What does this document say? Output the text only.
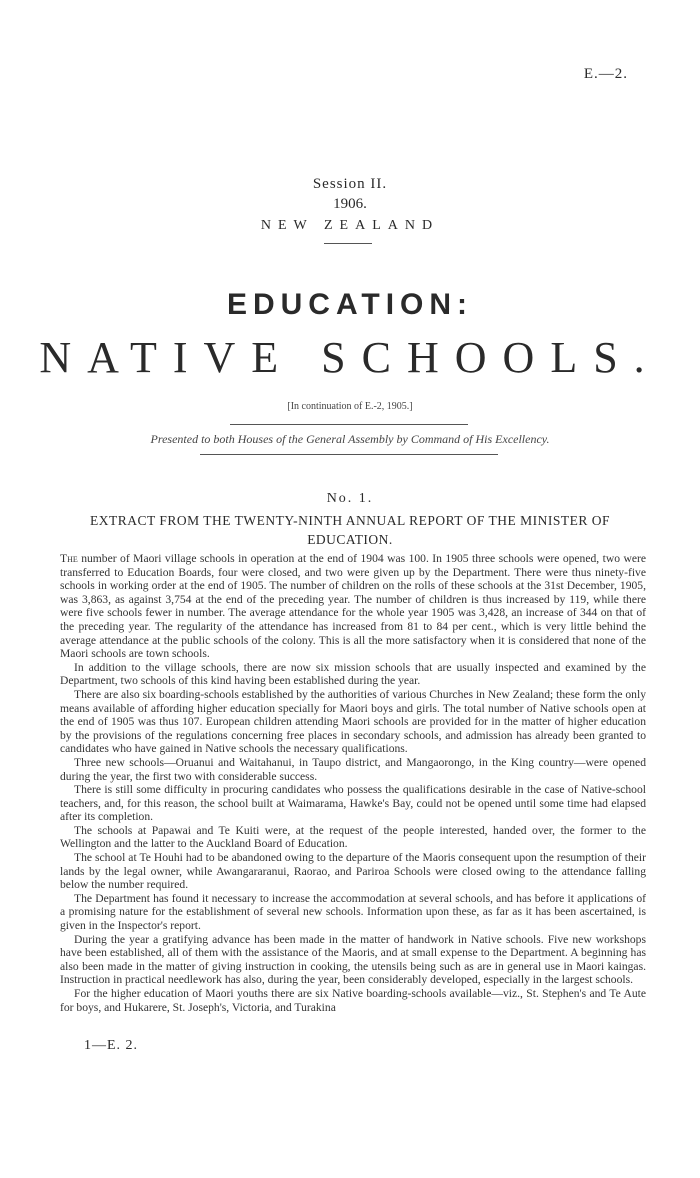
E.—2.
Session II.
1906.
NEW ZEALAND
EDUCATION:
NATIVE SCHOOLS.
[In continuation of E.-2, 1905.]
Presented to both Houses of the General Assembly by Command of His Excellency.
No. 1.
EXTRACT FROM THE TWENTY-NINTH ANNUAL REPORT OF THE MINISTER OF EDUCATION.

The number of Maori village schools in operation at the end of 1904 was 100. In 1905 three schools were opened, two were transferred to Education Boards, four were closed, and two were given up by the Department. There were thus ninety-five schools in working order at the end of 1905. The number of children on the rolls of these schools at the 31st December, 1905, was 3,863, as against 3,754 at the end of the preceding year. The number of children is thus increased by 119, while there were five schools fewer in number. The average attendance for the whole year 1905 was 3,428, an increase of 344 on that of the preceding year. The regularity of the attendance has increased from 81 to 84 per cent., which is very little behind the average attendance at the public schools of the colony. This is all the more satisfactory when it is considered that none of the Maori schools are town schools.

In addition to the village schools, there are now six mission schools that are usually inspected and examined by the Department, two schools of this kind having been established during the year.

There are also six boarding-schools established by the authorities of various Churches in New Zealand; these form the only means available of affording higher education specially for Maori boys and girls. The total number of Native schools open at the end of 1905 was thus 107. European children attending Maori schools are provided for in the matter of higher education by the provisions of the regulations concerning free places in secondary schools, and admission has already been granted to candidates who have gained in Native schools the necessary qualifications.

Three new schools—Oruanui and Waitahanui, in Taupo district, and Mangaorongo, in the King country—were opened during the year, the first two with considerable success.

There is still some difficulty in procuring candidates who possess the qualifications desirable in the case of Native-school teachers, and, for this reason, the school built at Waimarama, Hawke's Bay, could not be opened until some time had elapsed after its completion.

The schools at Papawai and Te Kuiti were, at the request of the people interested, handed over, the former to the Wellington and the latter to the Auckland Board of Education.

The school at Te Houhi had to be abandoned owing to the departure of the Maoris consequent upon the resumption of their lands by the legal owner, while Awangararanui, Raorao, and Pariroa Schools were closed owing to the attendance falling below the number required.

The Department has found it necessary to increase the accommodation at several schools, and has before it applications of a promising nature for the establishment of several new schools. Information upon these, as far as it has been ascertained, is given in the Inspector's report.

During the year a gratifying advance has been made in the matter of handwork in Native schools. Five new workshops have been established, all of them with the assistance of the Maoris, and at small expense to the Department. A beginning has also been made in the matter of giving instruction in cooking, the utensils being such as are in general use in Maori kaingas. Instruction in practical needlework has also, during the year, been considerably developed, especially in the largest schools.

For the higher education of Maori youths there are six Native boarding-schools available—viz., St. Stephen's and Te Aute for boys, and Hukarere, St. Joseph's, Victoria, and Turakina

1—E. 2.
